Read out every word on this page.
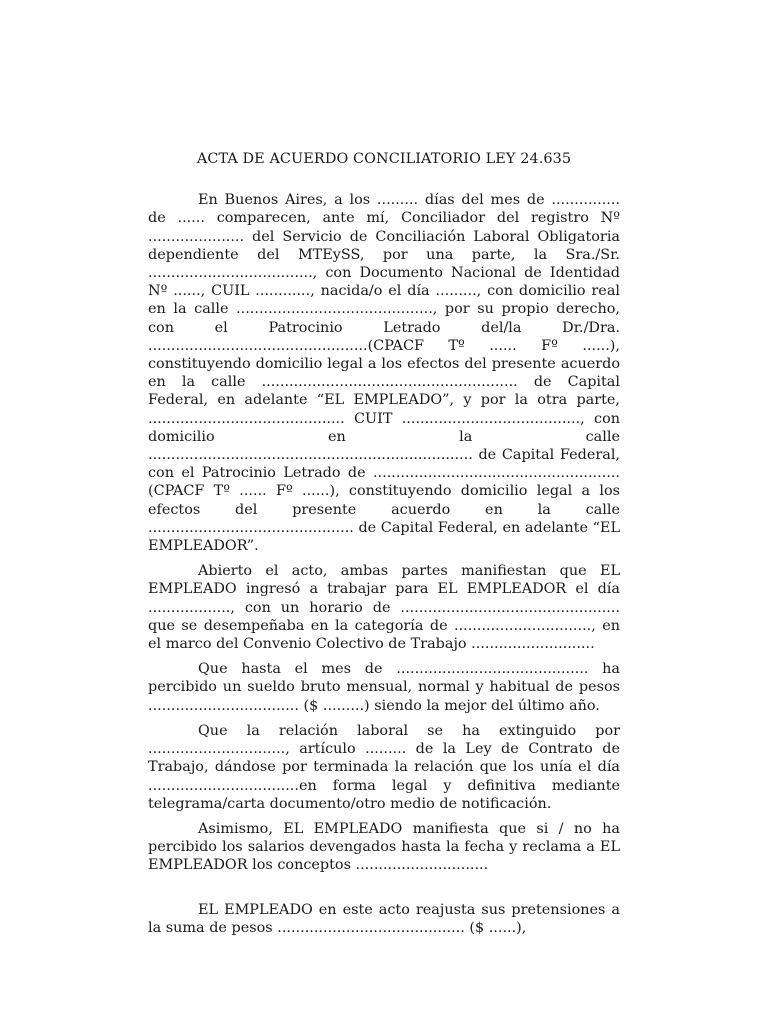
ACTA DE ACUERDO CONCILIATORIO LEY 24.635

En Buenos Aires, a los ......... días del mes de ............... de ...... comparecen, ante mí, Conciliador del registro Nº ..................... del Servicio de Conciliación Laboral Obligatoria dependiente del MTEySS, por una parte, la Sra./Sr. ...................................., con Documento Nacional de Identidad Nº ......, CUIL ............, nacida/o el día ........., con domicilio real en la calle ..........................................., por su propio derecho, con el Patrocinio Letrado del/la Dr./Dra. ................................................(CPACF Tº ...... Fº ......), constituyendo domicilio legal a los efectos del presente acuerdo en la calle ........................................................ de Capital Federal, en adelante “EL EMPLEADO”, y por la otra parte, ........................................... CUIT ......................................., con domicilio en la calle ....................................................................... de Capital Federal, con el Patrocinio Letrado de ...................................................... (CPACF Tº ...... Fº ......), constituyendo domicilio legal a los efectos del presente acuerdo en la calle ............................................. de Capital Federal, en adelante “EL EMPLEADOR”.

Abierto el acto, ambas partes manifiestan que EL EMPLEADO ingresó a trabajar para EL EMPLEADOR el día .................., con un horario de ................................................ que se desempeñaba en la categoría de .............................., en el marco del Convenio Colectivo de Trabajo ...........................

Que hasta el mes de .......................................... ha percibido un sueldo bruto mensual, normal y habitual de pesos ................................. ($ .........) siendo la mejor del último año.

Que la relación laboral se ha extinguido por .............................., artículo ......... de la Ley de Contrato de Trabajo, dándose por terminada la relación que los unía el día .................................en forma legal y definitiva mediante telegrama/carta documento/otro medio de notificación.

Asimismo, EL EMPLEADO manifiesta que si / no ha percibido los salarios devengados hasta la fecha y reclama a EL EMPLEADOR los conceptos .............................

EL EMPLEADO en este acto reajusta sus pretensiones a la suma de pesos ......................................... ($ ......),
